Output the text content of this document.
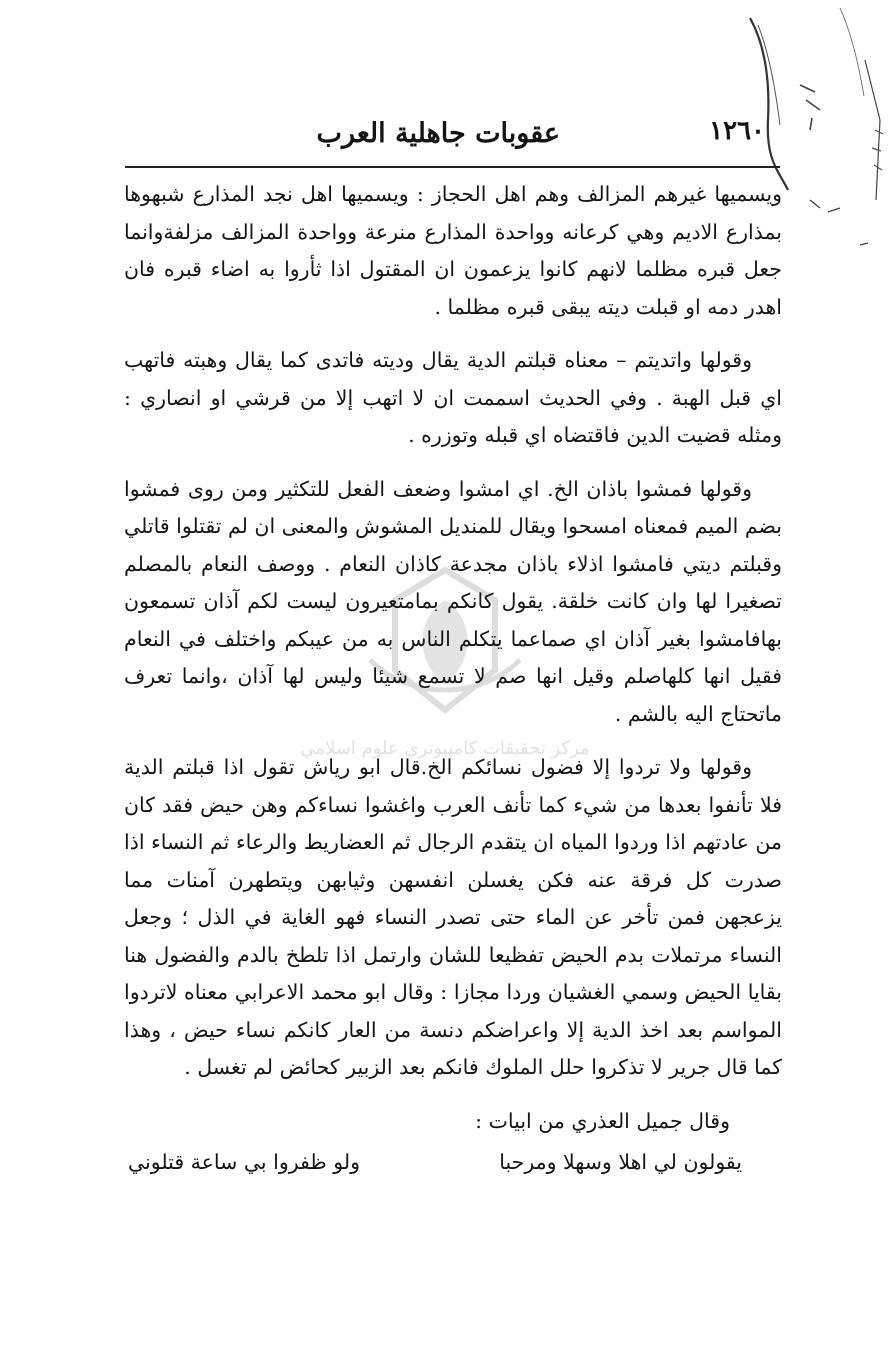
١٢٦٠
عقوبات جاهلية العرب
مركز تحقيقات كامپيوتري علوم اسلامي

ويسميها غيرهم المزالف وهم اهل الحجاز : ويسميها اهل نجد المذارع شبهوها بمذارع الاديم وهي كرعانه وواحدة المذارع منرعة وواحدة المزالف مزلفةوانما جعل قبره مظلما لانهم كانوا يزعمون ان المقتول اذا ثأروا به اضاء قبره فان اهدر دمه او قبلت ديته يبقى قبره مظلما .

وقولها واتديتم – معناه قبلتم الدية يقال وديته فاتدى كما يقال وهبته فاتهب اي قبل الهبة . وفي الحديث اسممت ان لا اتهب إلا من قرشي او انصاري : ومثله قضيت الدين فاقتضاه اي قبله وتوزره .

وقولها فمشوا باذان الخ. اي امشوا وضعف الفعل للتكثير ومن روى فمشوا بضم الميم فمعناه امسحوا ويقال للمنديل المشوش والمعنى ان لم تقتلوا قاتلي وقبلتم ديتي فامشوا اذلاء باذان مجدعة كاذان النعام . ووصف النعام بالمصلم تصغيرا لها وان كانت خلقة. يقول كانكم بمامتعيرون ليست لكم آذان تسمعون بهافامشوا بغير آذان اي صماعما يتكلم الناس به من عيبكم واختلف في النعام فقيل انها كلهاصلم وقيل انها صم لا تسمع شيئا وليس لها آذان ،وانما تعرف ماتحتاج اليه بالشم .

وقولها ولا تردوا إلا فضول نسائكم الخ.قال ابو رياش تقول اذا قبلتم الدية فلا تأنفوا بعدها من شيء كما تأنف العرب واغشوا نساءكم وهن حيض فقد كان من عادتهم اذا وردوا المياه ان يتقدم الرجال ثم العضاريط والرعاء ثم النساء اذا صدرت كل فرقة عنه فكن يغسلن انفسهن وثيابهن ويتطهرن آمنات مما يزعجهن فمن تأخر عن الماء حتى تصدر النساء فهو الغاية في الذل ؛ وجعل النساء مرتملات بدم الحيض تفظيعا للشان وارتمل اذا تلطخ بالدم والفضول هنا بقايا الحيض وسمي الغشيان وردا مجازا : وقال ابو محمد الاعرابي معناه لاتردوا المواسم بعد اخذ الدية إلا واعراضكم دنسة من العار كانكم نساء حيض ، وهذا كما قال جرير لا تذكروا حلل الملوك فانكم بعد الزبير كحائض لم تغسل .

وقال جميل العذري من ابيات :

يقولون لي اهلا وسهلا ومرحبا
ولو ظفروا بي ساعة قتلوني
